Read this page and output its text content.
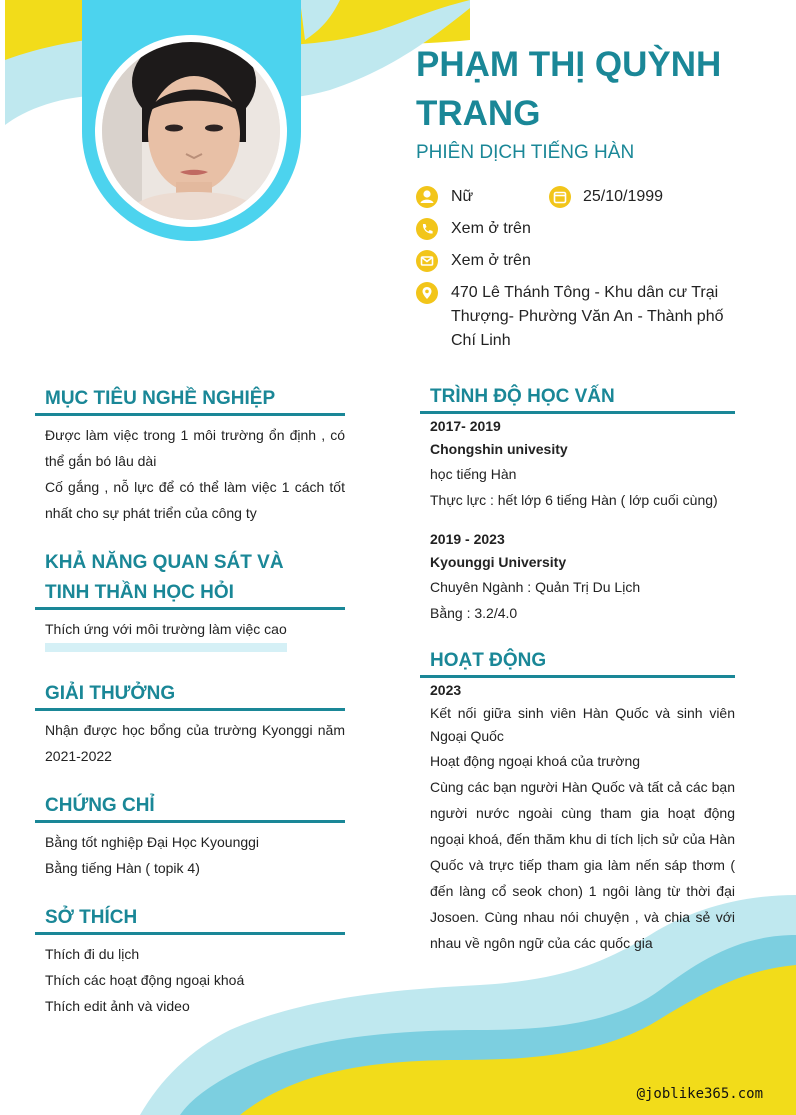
PHẠM THỊ QUỲNH TRANG
PHIÊN DỊCH TIẾNG HÀN
Nữ	25/10/1999
Xem ở trên
Xem ở trên
470 Lê Thánh Tông - Khu dân cư Trại Thượng- Phường Văn An - Thành phố Chí Linh
MỤC TIÊU NGHỀ NGHIỆP
Được làm việc trong 1 môi trường ổn định , có
thể gắn bó lâu dài
Cố gắng , nỗ lực để có thể làm việc 1 cách tốt
nhất cho sự phát triển của công ty
KHẢ NĂNG QUAN SÁT VÀ
TINH THẦN HỌC HỎI
Thích ứng với môi trường làm việc cao
GIẢI THƯỞNG
Nhận được học bổng của trường Kyonggi năm
2021-2022
CHỨNG CHỈ
Bằng tốt nghiệp Đại Học Kyounggi
Bằng tiếng Hàn ( topik 4)
SỞ THÍCH
Thích đi du lịch
Thích các hoạt động ngoại khoá
Thích edit ảnh và video
TRÌNH ĐỘ HỌC VẤN
2017- 2019
Chongshin univesity
học tiếng Hàn
Thực lực : hết lớp 6 tiếng Hàn ( lớp cuối cùng)
2019 - 2023
Kyounggi University
Chuyên Ngành : Quản Trị Du Lịch
Bằng : 3.2/4.0
HOẠT ĐỘNG
2023
Kết nối giữa sinh viên Hàn Quốc và sinh viên
Ngoại Quốc
Hoạt động ngoại khoá của trường
Cùng các bạn người Hàn Quốc và tất cả các bạn
người nước ngoài cùng tham gia hoạt động
ngoại khoá, đến thăm khu di tích lịch sử của Hàn
Quốc và trực tiếp tham gia làm nến sáp thơm (
đến làng cổ seok chon) 1 ngôi làng từ thời đại
Josoen. Cùng nhau nói chuyện , và chia sẻ với
nhau về ngôn ngữ của các quốc gia
@joblike365.com
